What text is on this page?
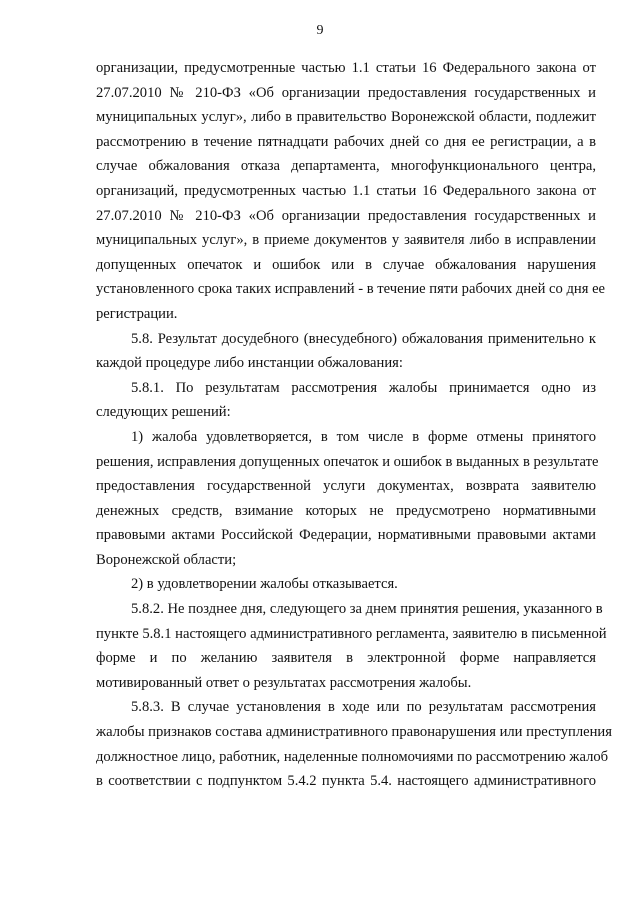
9
организации, предусмотренные частью 1.1 статьи 16 Федерального закона от
27.07.2010 № 210-ФЗ «Об организации предоставления государственных и
муниципальных услуг», либо в правительство Воронежской области, подлежит
рассмотрению в течение пятнадцати рабочих дней со дня ее регистрации, а в
случае обжалования отказа департамента, многофункционального центра,
организаций, предусмотренных частью 1.1 статьи 16 Федерального закона от
27.07.2010 № 210-ФЗ «Об организации предоставления государственных и
муниципальных услуг», в приеме документов у заявителя либо в исправлении
допущенных опечаток и ошибок или в случае обжалования нарушения
установленного срока таких исправлений - в течение пяти рабочих дней со дня ее
регистрации.
5.8. Результат досудебного (внесудебного) обжалования применительно к
каждой процедуре либо инстанции обжалования:
5.8.1. По результатам рассмотрения жалобы принимается одно из
следующих решений:
1) жалоба удовлетворяется, в том числе в форме отмены принятого
решения, исправления допущенных опечаток и ошибок в выданных в результате
предоставления государственной услуги документах, возврата заявителю
денежных средств, взимание которых не предусмотрено нормативными
правовыми актами Российской Федерации, нормативными правовыми актами
Воронежской области;
2) в удовлетворении жалобы отказывается.
5.8.2. Не позднее дня, следующего за днем принятия решения, указанного в
пункте 5.8.1 настоящего административного регламента, заявителю в письменной
форме и по желанию заявителя в электронной форме направляется
мотивированный ответ о результатах рассмотрения жалобы.
5.8.3. В случае установления в ходе или по результатам рассмотрения
жалобы признаков состава административного правонарушения или преступления
должностное лицо, работник, наделенные полномочиями по рассмотрению жалоб
в соответствии с подпунктом 5.4.2 пункта 5.4. настоящего административного
